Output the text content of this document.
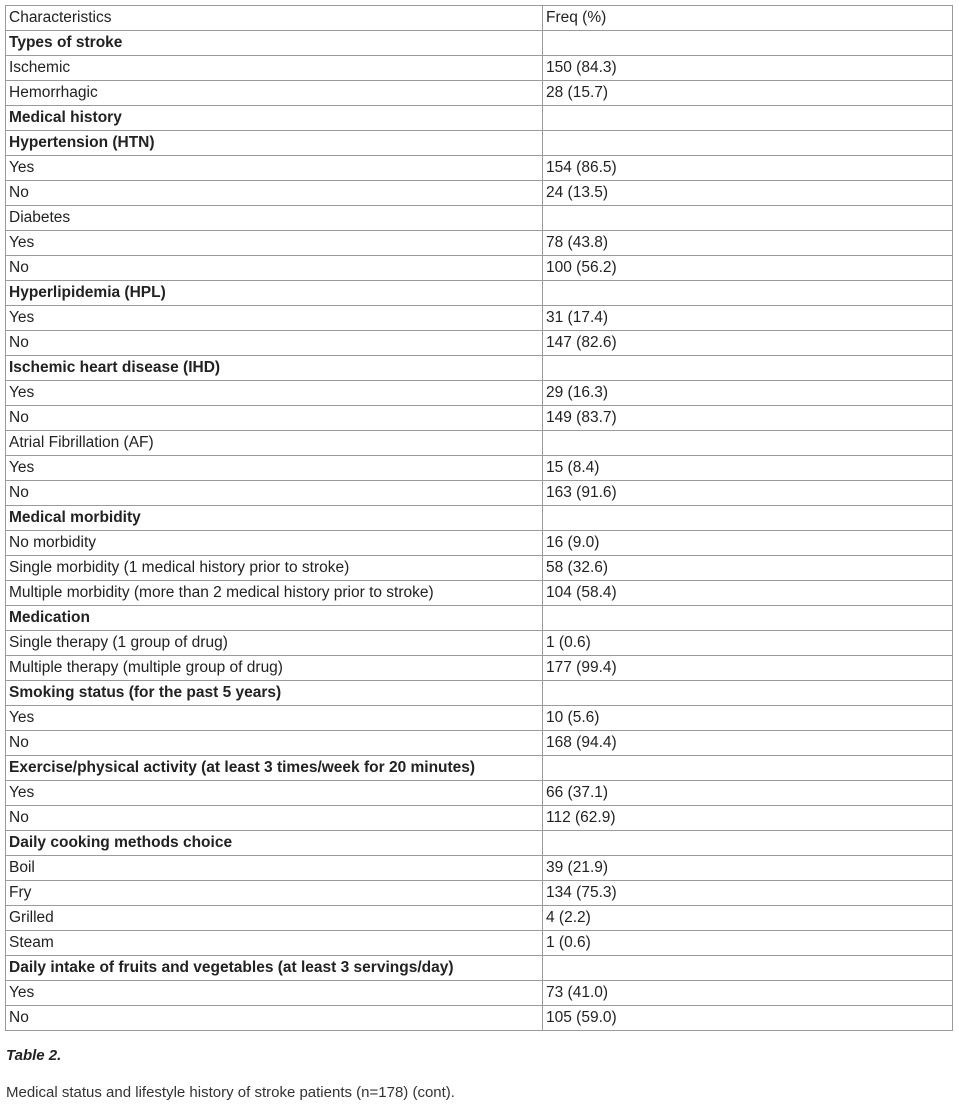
Characteristics	Freq (%)
Types of stroke	
Ischemic	150 (84.3)
Hemorrhagic	28 (15.7)
Medical history	
Hypertension (HTN)	
Yes	154 (86.5)
No	24 (13.5)
Diabetes	
Yes	78 (43.8)
No	100 (56.2)
Hyperlipidemia (HPL)	
Yes	31 (17.4)
No	147 (82.6)
Ischemic heart disease (IHD)	
Yes	29 (16.3)
No	149 (83.7)
Atrial Fibrillation (AF)	
Yes	15 (8.4)
No	163 (91.6)
Medical morbidity	
No morbidity	16 (9.0)
Single morbidity (1 medical history prior to stroke)	58 (32.6)
Multiple morbidity (more than 2 medical history prior to stroke)	104 (58.4)
Medication	
Single therapy (1 group of drug)	1 (0.6)
Multiple therapy (multiple group of drug)	177 (99.4)
Smoking status (for the past 5 years)	
Yes	10 (5.6)
No	168 (94.4)
Exercise/physical activity (at least 3 times/week for 20 minutes)	
Yes	66 (37.1)
No	112 (62.9)
Daily cooking methods choice	
Boil	39 (21.9)
Fry	134 (75.3)
Grilled	4 (2.2)
Steam	1 (0.6)
Daily intake of fruits and vegetables (at least 3 servings/day)	
Yes	73 (41.0)
No	105 (59.0)
Table 2.
Medical status and lifestyle history of stroke patients (n=178) (cont).
